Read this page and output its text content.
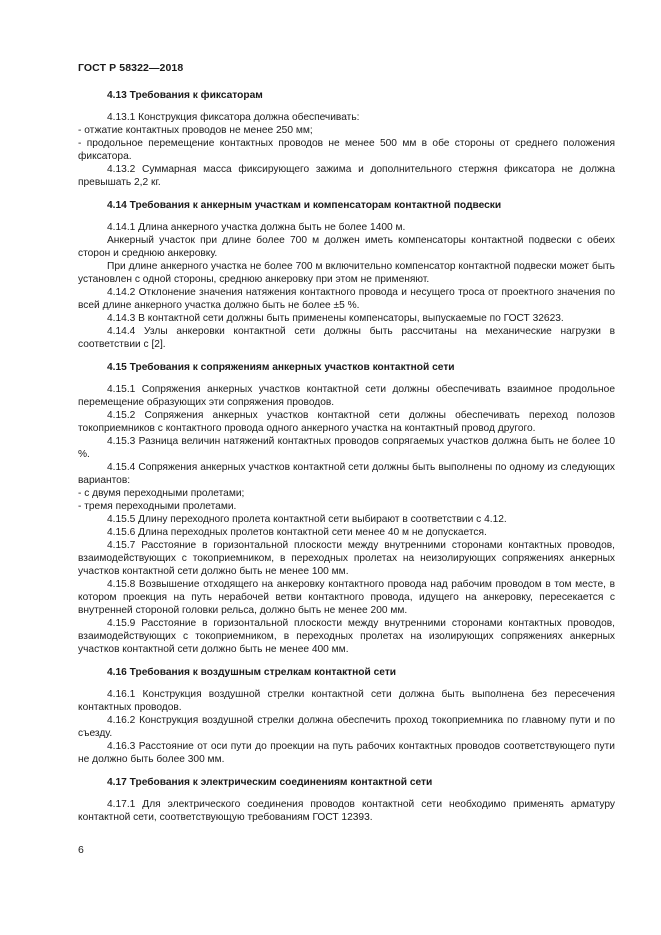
ГОСТ Р 58322—2018
4.13 Требования к фиксаторам

4.13.1 Конструкция фиксатора должна обеспечивать:

- отжатие контактных проводов не менее 250 мм;

- продольное перемещение контактных проводов не менее 500 мм в обе стороны от среднего положения фиксатора.

4.13.2 Суммарная масса фиксирующего зажима и дополнительного стержня фиксатора не должна превышать 2,2 кг.

4.14 Требования к анкерным участкам и компенсаторам контактной подвески

4.14.1 Длина анкерного участка должна быть не более 1400 м.

Анкерный участок при длине более 700 м должен иметь компенсаторы контактной подвески с обеих сторон и среднюю анкеровку.

При длине анкерного участка не более 700 м включительно компенсатор контактной подвески может быть установлен с одной стороны, среднюю анкеровку при этом не применяют.

4.14.2 Отклонение значения натяжения контактного провода и несущего троса от проектного значения по всей длине анкерного участка должно быть не более ±5 %.

4.14.3 В контактной сети должны быть применены компенсаторы, выпускаемые по ГОСТ 32623.

4.14.4 Узлы анкеровки контактной сети должны быть рассчитаны на механические нагрузки в соответствии с [2].

4.15 Требования к сопряжениям анкерных участков контактной сети

4.15.1 Сопряжения анкерных участков контактной сети должны обеспечивать взаимное продольное перемещение образующих эти сопряжения проводов.

4.15.2 Сопряжения анкерных участков контактной сети должны обеспечивать переход полозов токоприемников с контактного провода одного анкерного участка на контактный провод другого.

4.15.3 Разница величин натяжений контактных проводов сопрягаемых участков должна быть не более 10 %.

4.15.4 Сопряжения анкерных участков контактной сети должны быть выполнены по одному из следующих вариантов:

- с двумя переходными пролетами;

- тремя переходными пролетами.

4.15.5 Длину переходного пролета контактной сети выбирают в соответствии с 4.12.

4.15.6 Длина переходных пролетов контактной сети менее 40 м не допускается.

4.15.7 Расстояние в горизонтальной плоскости между внутренними сторонами контактных проводов, взаимодействующих с токоприемником, в переходных пролетах на неизолирующих сопряжениях анкерных участков контактной сети должно быть не менее 100 мм.

4.15.8 Возвышение отходящего на анкеровку контактного провода над рабочим проводом в том месте, в котором проекция на путь нерабочей ветви контактного провода, идущего на анкеровку, пересекается с внутренней стороной головки рельса, должно быть не менее 200 мм.

4.15.9 Расстояние в горизонтальной плоскости между внутренними сторонами контактных проводов, взаимодействующих с токоприемником, в переходных пролетах на изолирующих сопряжениях анкерных участков контактной сети должно быть не менее 400 мм.

4.16 Требования к воздушным стрелкам контактной сети

4.16.1 Конструкция воздушной стрелки контактной сети должна быть выполнена без пересечения контактных проводов.

4.16.2 Конструкция воздушной стрелки должна обеспечить проход токоприемника по главному пути и по съезду.

4.16.3 Расстояние от оси пути до проекции на путь рабочих контактных проводов соответствующего пути не должно быть более 300 мм.

4.17 Требования к электрическим соединениям контактной сети

4.17.1 Для электрического соединения проводов контактной сети необходимо применять арматуру контактной сети, соответствующую требованиям ГОСТ 12393.

6
